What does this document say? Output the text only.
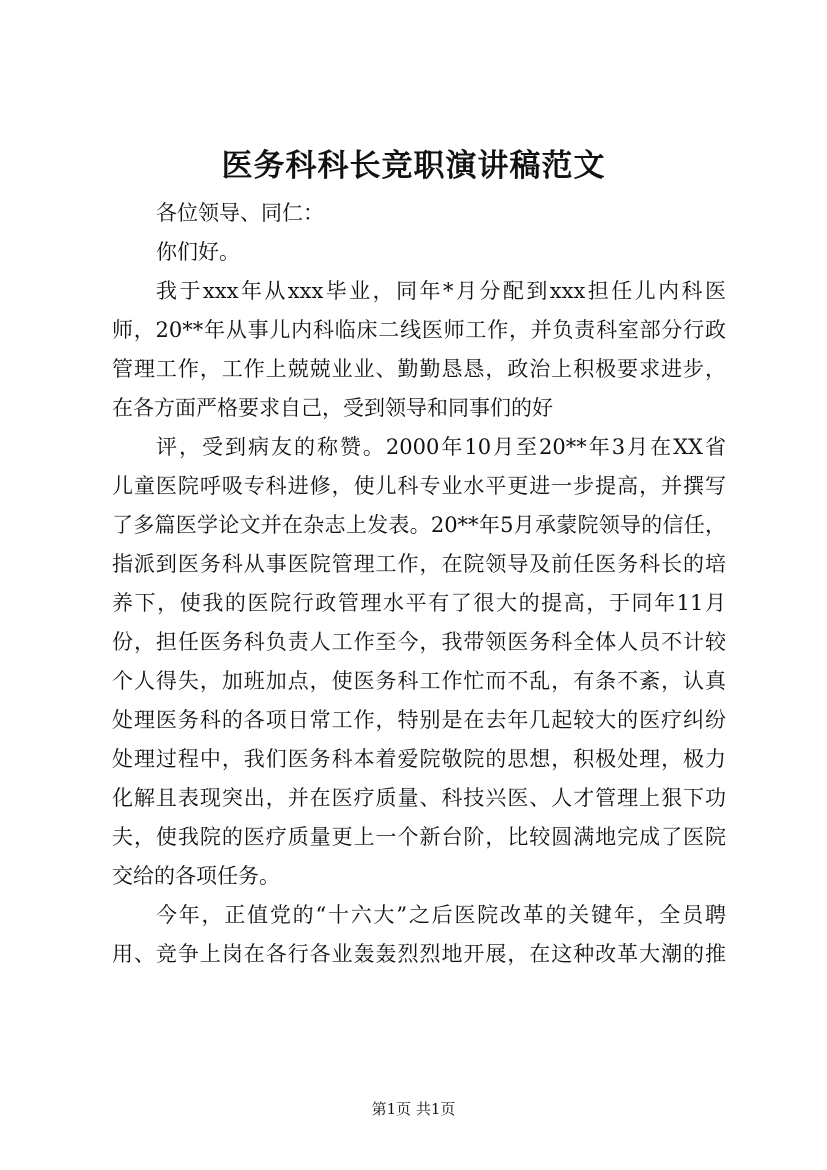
医务科科长竞职演讲稿范文
各位领导、同仁：
你们好。
我于xxx年从xxx毕业，同年*月分配到xxx担任儿内科医
师，20**年从事儿内科临床二线医师工作，并负责科室部分行政
管理工作，工作上兢兢业业、勤勤恳恳，政治上积极要求进步，
在各方面严格要求自己，受到领导和同事们的好
评，受到病友的称赞。2000年10月至20**年3月在XX省
儿童医院呼吸专科进修，使儿科专业水平更进一步提高，并撰写
了多篇医学论文并在杂志上发表。20**年5月承蒙院领导的信任，
指派到医务科从事医院管理工作，在院领导及前任医务科长的培
养下，使我的医院行政管理水平有了很大的提高，于同年11月
份，担任医务科负责人工作至今，我带领医务科全体人员不计较
个人得失，加班加点，使医务科工作忙而不乱，有条不紊，认真
处理医务科的各项日常工作，特别是在去年几起较大的医疗纠纷
处理过程中，我们医务科本着爱院敬院的思想，积极处理，极力
化解且表现突出，并在医疗质量、科技兴医、人才管理上狠下功
夫，使我院的医疗质量更上一个新台阶，比较圆满地完成了医院
交给的各项任务。
今年，正值党的“十六大”之后医院改革的关键年，全员聘
用、竞争上岗在各行各业轰轰烈烈地开展，在这种改革大潮的推
第1页 共1页
